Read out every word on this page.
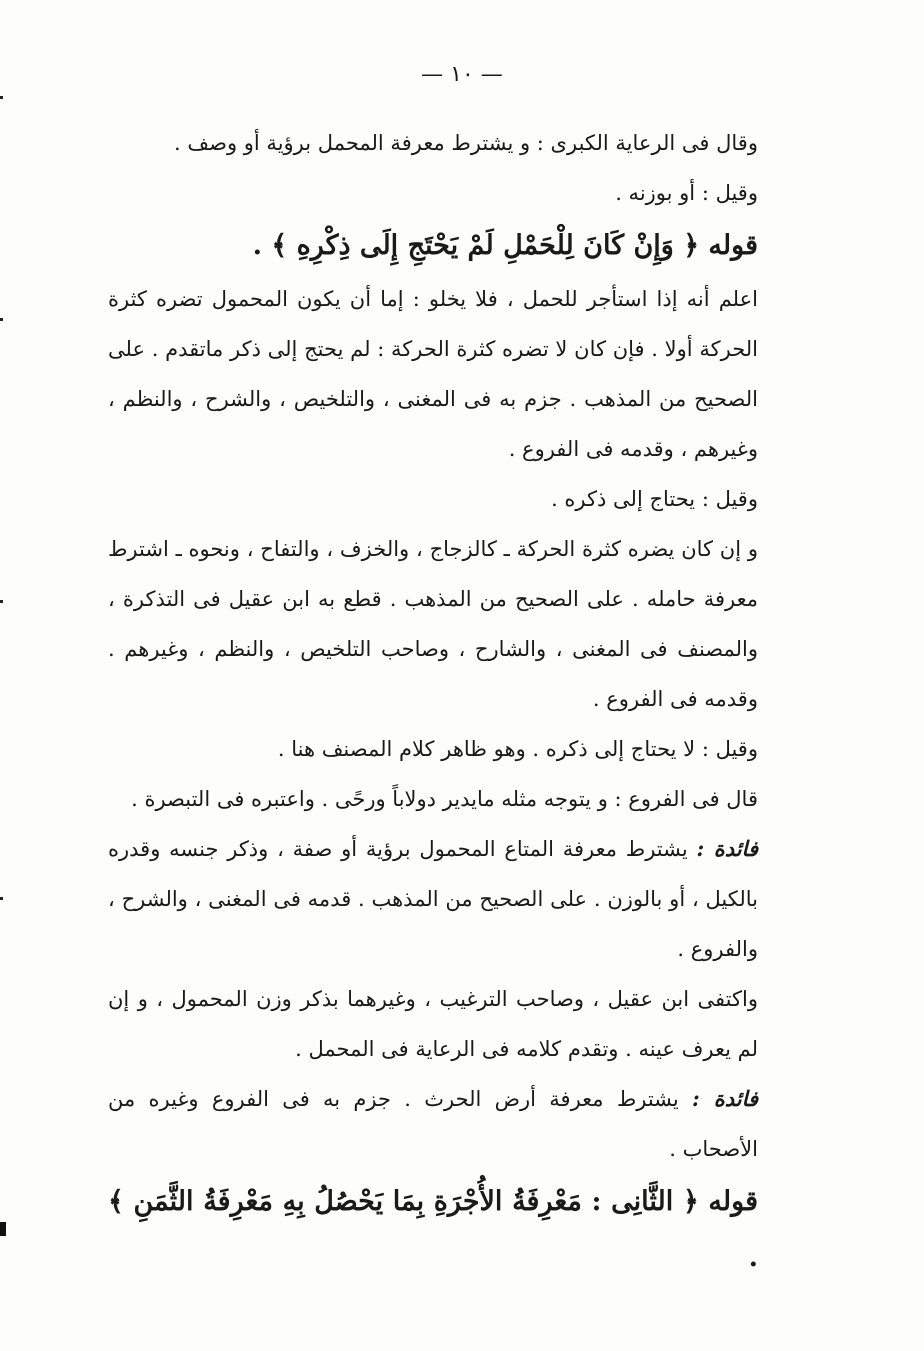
— ١٠ —

وقال فى الرعاية الكبرى : و يشترط معرفة المحمل برؤية أو وصف .

وقيل : أو بوزنه .

قوله ﴿ وَإِنْ كَانَ لِلْحَمْلِ لَمْ يَحْتَجِ إِلَى ذِكْرِهِ ﴾ .

اعلم أنه إذا استأجر للحمل ، فلا يخلو : إما أن يكون المحمول تضره كثرة الحركة أولا . فإن كان لا تضره كثرة الحركة : لم يحتج إلى ذكر ماتقدم . على الصحيح من المذهب . جزم به فى المغنى ، والتلخيص ، والشرح ، والنظم ، وغيرهم ، وقدمه فى الفروع .

وقيل : يحتاج إلى ذكره .

و إن كان يضره كثرة الحركة ـ كالزجاج ، والخزف ، والتفاح ، ونحوه ـ اشترط معرفة حامله . على الصحيح من المذهب . قطع به ابن عقيل فى التذكرة ، والمصنف فى المغنى ، والشارح ، وصاحب التلخيص ، والنظم ، وغيرهم . وقدمه فى الفروع .

وقيل : لا يحتاج إلى ذكره . وهو ظاهر كلام المصنف هنا .

قال فى الفروع : و يتوجه مثله مايدير دولاباً ورحًى . واعتبره فى التبصرة .

فائدة : يشترط معرفة المتاع المحمول برؤية أو صفة ، وذكر جنسه وقدره بالكيل ، أو بالوزن . على الصحيح من المذهب . قدمه فى المغنى ، والشرح ، والفروع .

واكتفى ابن عقيل ، وصاحب الترغيب ، وغيرهما بذكر وزن المحمول ، و إن لم يعرف عينه . وتقدم كلامه فى الرعاية فى المحمل .

فائدة : يشترط معرفة أرض الحرث . جزم به فى الفروع وغيره من الأصحاب .

قوله ﴿ الثَّانِى : مَعْرِفَةُ الأُجْرَةِ بِمَا يَحْصُلُ بِهِ مَعْرِفَةُ الثَّمَنِ ﴾ .
